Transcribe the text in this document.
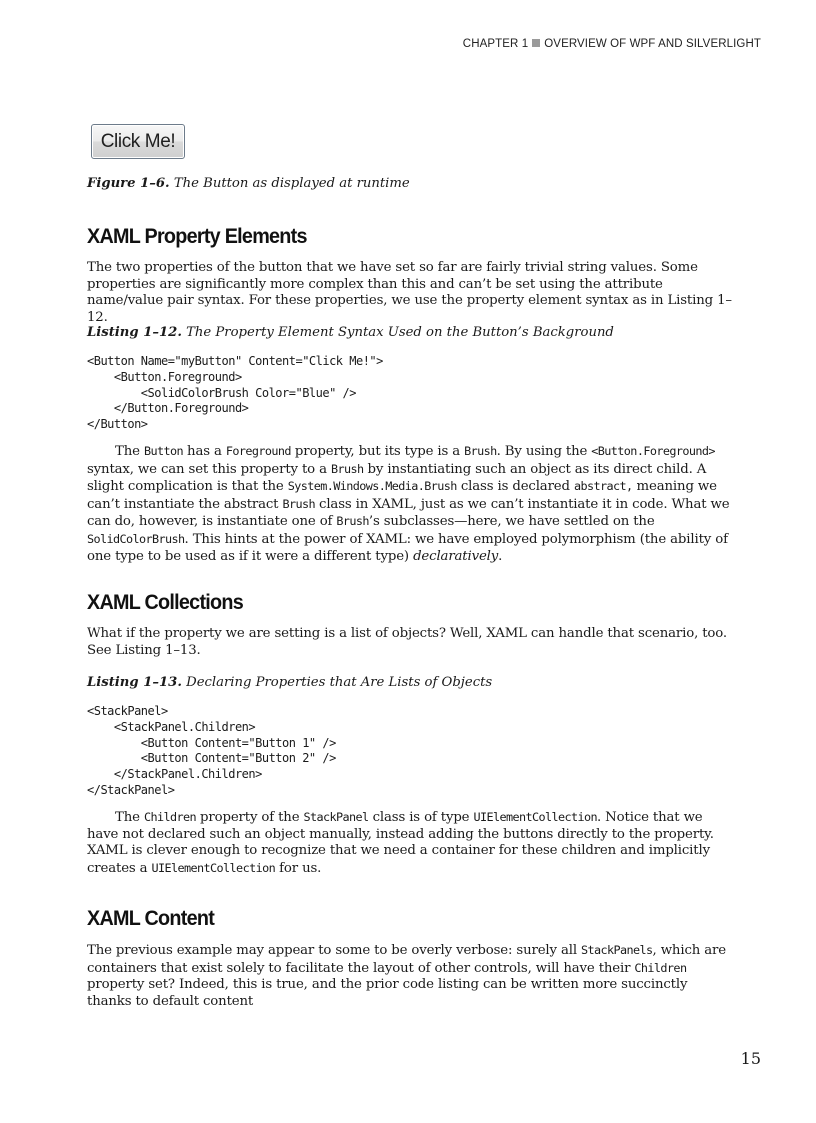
CHAPTER 1 OVERVIEW OF WPF AND SILVERLIGHT
Click Me!
Figure 1–6. The Button as displayed at runtime
XAML Property Elements

The two properties of the button that we have set so far are fairly trivial string values. Some properties are significantly more complex than this and can’t be set using the attribute name/value pair syntax. For these properties, we use the property element syntax as in Listing 1–12.

Listing 1–12. The Property Element Syntax Used on the Button’s Background
<Button Name="myButton" Content="Click Me!">
<Button.Foreground>
<SolidColorBrush Color="Blue" />
</Button.Foreground>
</Button>

The Button has a Foreground property, but its type is a Brush. By using the <Button.Foreground> syntax, we can set this property to a Brush by instantiating such an object as its direct child. A slight complication is that the System.Windows.Media.Brush class is declared abstract, meaning we can’t instantiate the abstract Brush class in XAML, just as we can’t instantiate it in code. What we can do, however, is instantiate one of Brush’s subclasses—here, we have settled on the SolidColorBrush. This hints at the power of XAML: we have employed polymorphism (the ability of one type to be used as if it were a different type) declaratively.

XAML Collections

What if the property we are setting is a list of objects? Well, XAML can handle that scenario, too. See Listing 1–13.

Listing 1–13. Declaring Properties that Are Lists of Objects
<StackPanel>
<StackPanel.Children>
<Button Content="Button 1" />
<Button Content="Button 2" />
</StackPanel.Children>
</StackPanel>

The Children property of the StackPanel class is of type UIElementCollection. Notice that we have not declared such an object manually, instead adding the buttons directly to the property. XAML is clever enough to recognize that we need a container for these children and implicitly creates a UIElementCollection for us.

XAML Content

The previous example may appear to some to be overly verbose: surely all StackPanels, which are containers that exist solely to facilitate the layout of other controls, will have their Children property set? Indeed, this is true, and the prior code listing can be written more succinctly thanks to default content

15
